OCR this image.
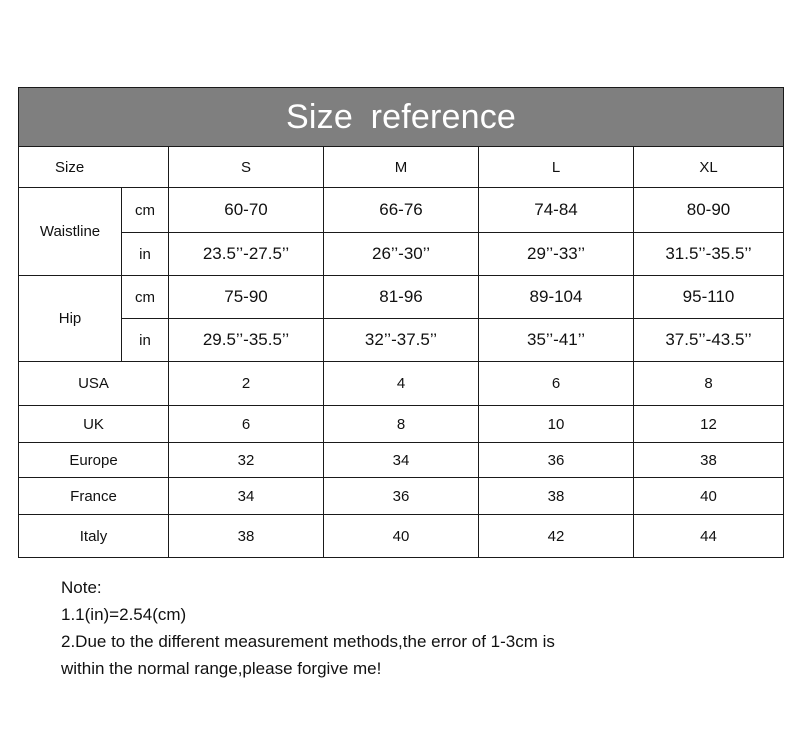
Size reference					
Size		S	M	L	XL
Waistline	cm	60-70	66-76	74-84	80-90
	in	23.5’’-27.5’’	26’’-30’’	29’’-33’’	31.5’’-35.5’’
Hip	cm	75-90	81-96	89-104	95-110
	in	29.5’’-35.5’’	32’’-37.5’’	35’’-41’’	37.5’’-43.5’’
USA		2	4	6	8
UK		6	8	10	12
Europe		32	34	36	38
France		34	36	38	40
Italy		38	40	42	44
Note:
1.1(in)=2.54(cm)
2.Due to the different measurement methods,the error of 1-3cm is
within the normal range,please forgive me!
